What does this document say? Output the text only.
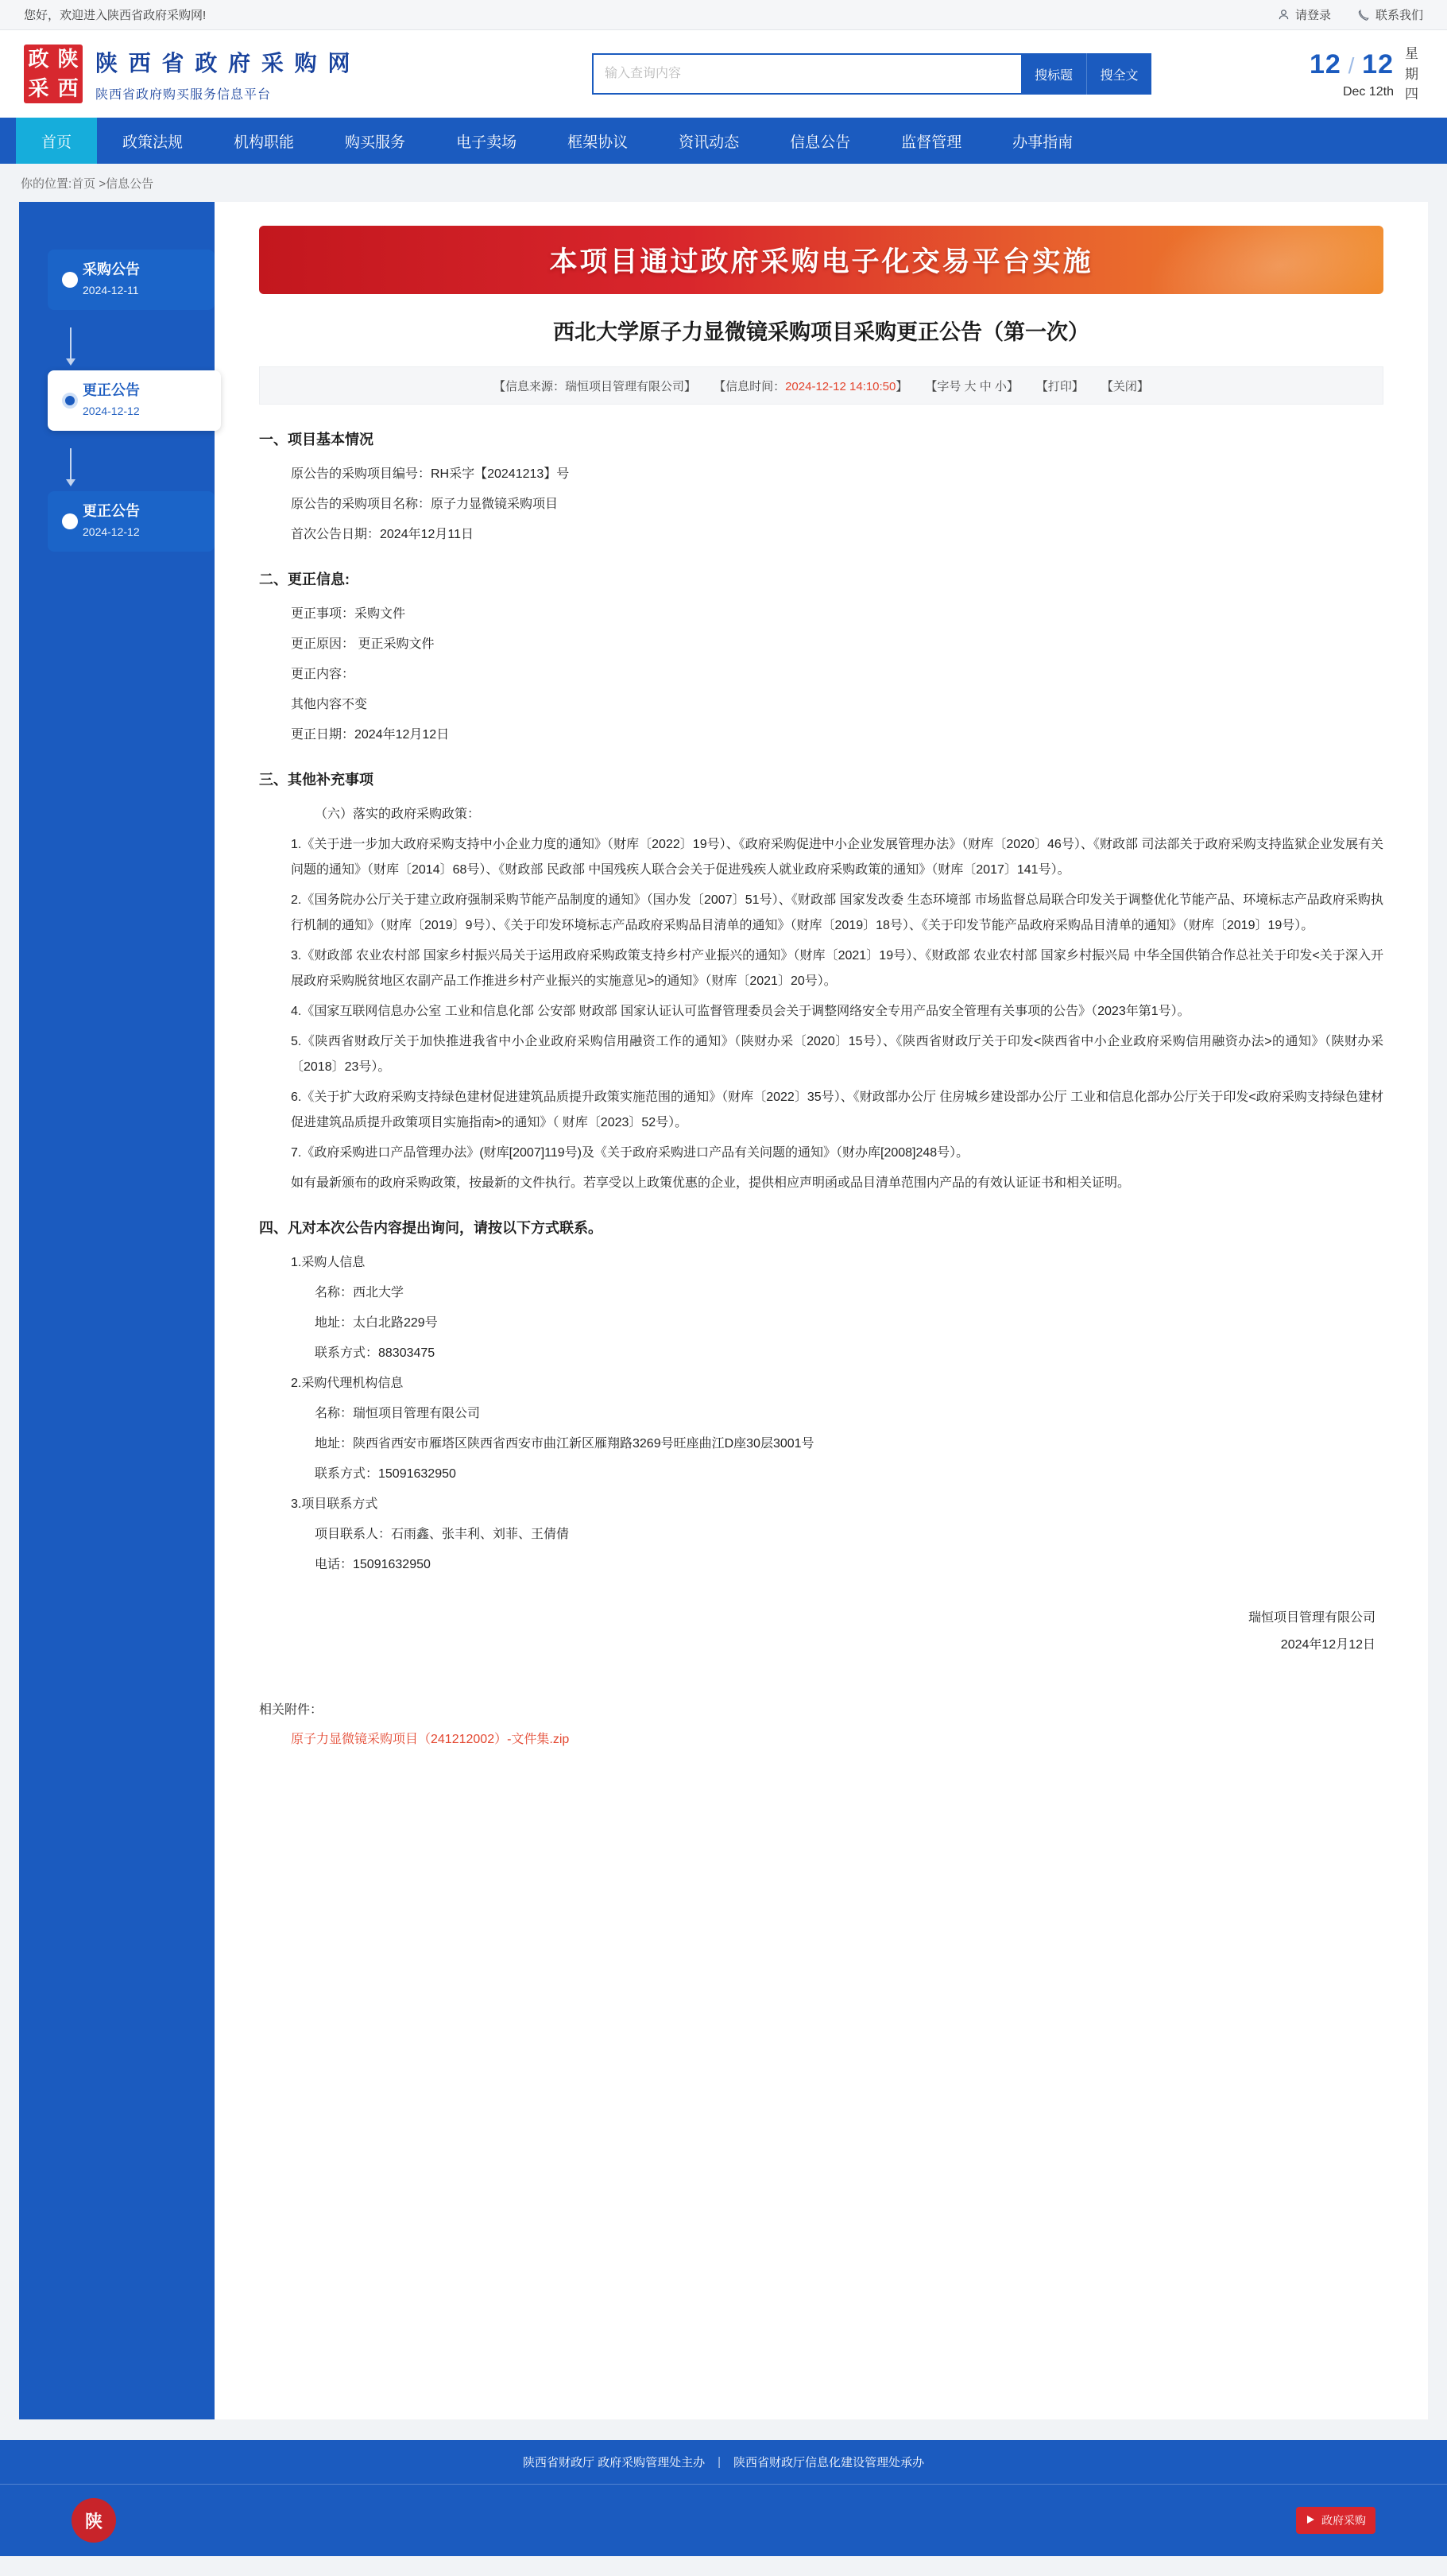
您好，欢迎进入陕西省政府采购网!	请登录	联系我们
政 陕
采 西
陕 西 省 政 府 采 购 网
陕西省政府购买服务信息平台
输入查询内容
搜标题	搜全文	12 / 12
Dec 12th
星
期
四
首页	政策法规	机构职能	购买服务	电子卖场	框架协议	资讯动态	信息公告	监督管理	办事指南
你的位置:首页 >信息公告
采购公告
2024-12-11
更正公告
2024-12-12
更正公告
2024-12-12
本项目通过政府采购电子化交易平台实施
西北大学原子力显微镜采购项目采购更正公告（第一次）
【信息来源：瑞恒项目管理有限公司】 【信息时间：2024-12-12 14:10:50】 【字号 大 中 小】 【打印】 【关闭】
一、项目基本情况

原公告的采购项目编号：RH采字【20241213】号

原公告的采购项目名称：原子力显微镜采购项目

首次公告日期：2024年12月11日

二、更正信息:

更正事项：采购文件

更正原因： 更正采购文件

更正内容：

其他内容不变

更正日期：2024年12月12日

三、其他补充事项

（六）落实的政府采购政策：

1.《关于进一步加大政府采购支持中小企业力度的通知》（财库〔2022〕19号）、《政府采购促进中小企业发展管理办法》（财库〔2020〕46号）、《财政部 司法部关于政府采购支持监狱企业发展有关问题的通知》（财库〔2014〕68号）、《财政部 民政部 中国残疾人联合会关于促进残疾人就业政府采购政策的通知》（财库〔2017〕141号）。

2.《国务院办公厅关于建立政府强制采购节能产品制度的通知》（国办发〔2007〕51号）、《财政部 国家发改委 生态环境部 市场监督总局联合印发关于调整优化节能产品、环境标志产品政府采购执行机制的通知》（财库〔2019〕9号）、《关于印发环境标志产品政府采购品目清单的通知》（财库〔2019〕18号）、《关于印发节能产品政府采购品目清单的通知》（财库〔2019〕19号）。

3.《财政部 农业农村部 国家乡村振兴局关于运用政府采购政策支持乡村产业振兴的通知》（财库〔2021〕19号）、《财政部 农业农村部 国家乡村振兴局 中华全国供销合作总社关于印发<关于深入开展政府采购脱贫地区农副产品工作推进乡村产业振兴的实施意见>的通知》（财库〔2021〕20号）。

4.《国家互联网信息办公室 工业和信息化部 公安部 财政部 国家认证认可监督管理委员会关于调整网络安全专用产品安全管理有关事项的公告》（2023年第1号）。

5.《陕西省财政厅关于加快推进我省中小企业政府采购信用融资工作的通知》（陕财办采〔2020〕15号）、《陕西省财政厅关于印发<陕西省中小企业政府采购信用融资办法>的通知》（陕财办采〔2018〕23号）。

6.《关于扩大政府采购支持绿色建材促进建筑品质提升政策实施范围的通知》（财库〔2022〕35号）、《财政部办公厅 住房城乡建设部办公厅 工业和信息化部办公厅关于印发<政府采购支持绿色建材促进建筑品质提升政策项目实施指南>的通知》（ 财库〔2023〕52号）。

7.《政府采购进口产品管理办法》(财库[2007]119号)及《关于政府采购进口产品有关问题的通知》（财办库[2008]248号）。

如有最新颁布的政府采购政策，按最新的文件执行。若享受以上政策优惠的企业，提供相应声明函或品目清单范围内产品的有效认证证书和相关证明。

四、凡对本次公告内容提出询问，请按以下方式联系。

1.采购人信息

名称：西北大学

地址：太白北路229号

联系方式：88303475

2.采购代理机构信息

名称：瑞恒项目管理有限公司

地址：陕西省西安市雁塔区陕西省西安市曲江新区雁翔路3269号旺座曲江D座30层3001号

联系方式：15091632950

3.项目联系方式

项目联系人：石雨鑫、张丰利、刘菲、王倩倩

电话：15091632950

瑞恒项目管理有限公司
2024年12月12日
相关附件：
原子力显微镜采购项目（241212002）-文件集.zip
陕西省财政厅 政府采购管理处主办 | 陕西省财政厅信息化建设管理处承办
陕	政府采购
